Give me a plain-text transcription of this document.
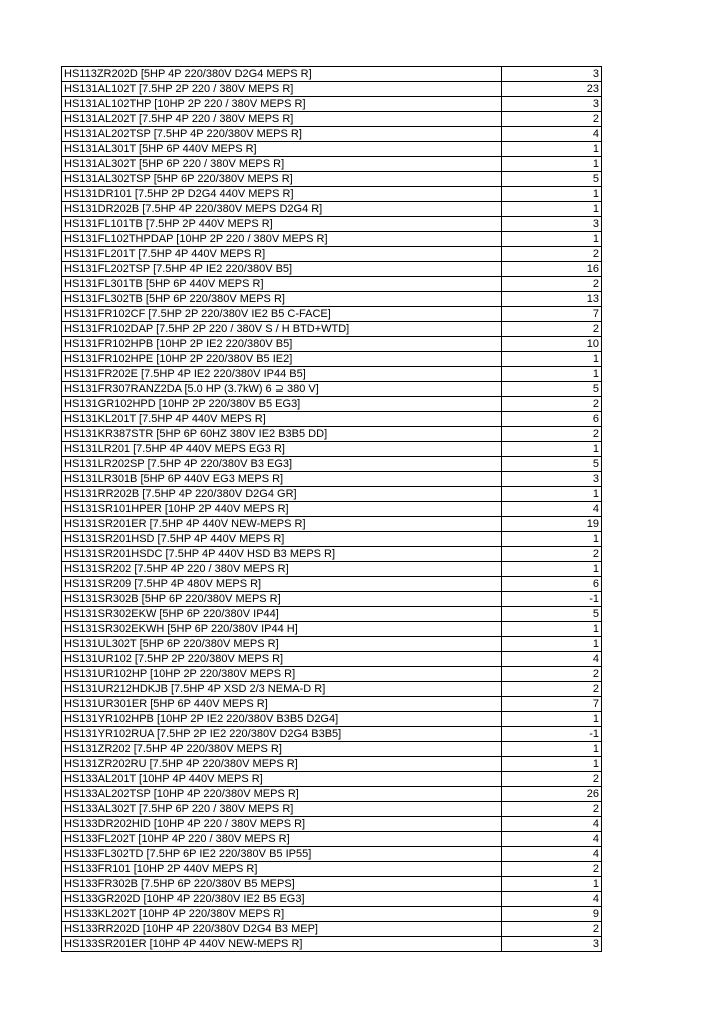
HS113ZR202D [5HP 4P 220/380V D2G4 MEPS R]	3
HS131AL102T [7.5HP 2P 220 / 380V MEPS R]	23
HS131AL102THP [10HP 2P 220 / 380V MEPS R]	3
HS131AL202T [7.5HP 4P 220 / 380V MEPS R]	2
HS131AL202TSP [7.5HP 4P 220/380V MEPS R]	4
HS131AL301T [5HP 6P 440V MEPS R]	1
HS131AL302T [5HP 6P 220 / 380V MEPS R]	1
HS131AL302TSP [5HP 6P 220/380V MEPS R]	5
HS131DR101 [7.5HP 2P D2G4 440V MEPS R]	1
HS131DR202B [7.5HP 4P 220/380V MEPS D2G4 R]	1
HS131FL101TB [7.5HP 2P 440V MEPS R]	3
HS131FL102THPDAP [10HP 2P 220 / 380V MEPS R]	1
HS131FL201T [7.5HP 4P 440V MEPS R]	2
HS131FL202TSP [7.5HP 4P IE2 220/380V B5]	16
HS131FL301TB [5HP 6P 440V MEPS R]	2
HS131FL302TB [5HP 6P 220/380V MEPS R]	13
HS131FR102CF [7.5HP 2P 220/380V IE2 B5 C-FACE]	7
HS131FR102DAP [7.5HP 2P 220 / 380V S / H BTD+WTD]	2
HS131FR102HPB [10HP 2P IE2 220/380V B5]	10
HS131FR102HPE [10HP 2P 220/380V B5 IE2]	1
HS131FR202E [7.5HP 4P IE2 220/380V IP44 B5]	1
HS131FR307RANZ2DA [5.0 HP (3.7kW) 6 ⊇ 380 V]	5
HS131GR102HPD [10HP 2P 220/380V B5 EG3]	2
HS131KL201T [7.5HP 4P 440V MEPS R]	6
HS131KR387STR [5HP 6P 60HZ 380V IE2 B3B5 DD]	2
HS131LR201 [7.5HP 4P 440V MEPS EG3 R]	1
HS131LR202SP [7.5HP 4P 220/380V B3 EG3]	5
HS131LR301B [5HP 6P 440V EG3 MEPS R]	3
HS131RR202B [7.5HP 4P 220/380V D2G4 GR]	1
HS131SR101HPER [10HP 2P 440V MEPS R]	4
HS131SR201ER [7.5HP 4P 440V NEW-MEPS R]	19
HS131SR201HSD [7.5HP 4P 440V MEPS R]	1
HS131SR201HSDC [7.5HP 4P 440V HSD B3 MEPS R]	2
HS131SR202 [7.5HP 4P 220 / 380V MEPS R]	1
HS131SR209 [7.5HP 4P 480V MEPS R]	6
HS131SR302B [5HP 6P 220/380V MEPS R]	-1
HS131SR302EKW [5HP 6P 220/380V IP44]	5
HS131SR302EKWH [5HP 6P 220/380V IP44 H]	1
HS131UL302T [5HP 6P 220/380V MEPS R]	1
HS131UR102 [7.5HP 2P 220/380V MEPS R]	4
HS131UR102HP [10HP 2P 220/380V MEPS R]	2
HS131UR212HDKJB [7.5HP 4P XSD 2/3 NEMA-D R]	2
HS131UR301ER [5HP 6P 440V MEPS R]	7
HS131YR102HPB [10HP 2P IE2 220/380V B3B5 D2G4]	1
HS131YR102RUA [7.5HP 2P IE2 220/380V D2G4 B3B5]	-1
HS131ZR202 [7.5HP 4P 220/380V MEPS R]	1
HS131ZR202RU [7.5HP 4P 220/380V MEPS R]	1
HS133AL201T [10HP 4P 440V MEPS R]	2
HS133AL202TSP [10HP 4P 220/380V MEPS R]	26
HS133AL302T [7.5HP 6P 220 / 380V MEPS R]	2
HS133DR202HID [10HP 4P 220 / 380V MEPS R]	4
HS133FL202T [10HP 4P 220 / 380V MEPS R]	4
HS133FL302TD [7.5HP 6P IE2 220/380V B5 IP55]	4
HS133FR101 [10HP 2P 440V MEPS R]	2
HS133FR302B [7.5HP 6P 220/380V B5 MEPS]	1
HS133GR202D [10HP 4P 220/380V IE2 B5 EG3]	4
HS133KL202T [10HP 4P 220/380V MEPS R]	9
HS133RR202D [10HP 4P 220/380V D2G4 B3 MEP]	2
HS133SR201ER [10HP 4P 440V NEW-MEPS R]	3
